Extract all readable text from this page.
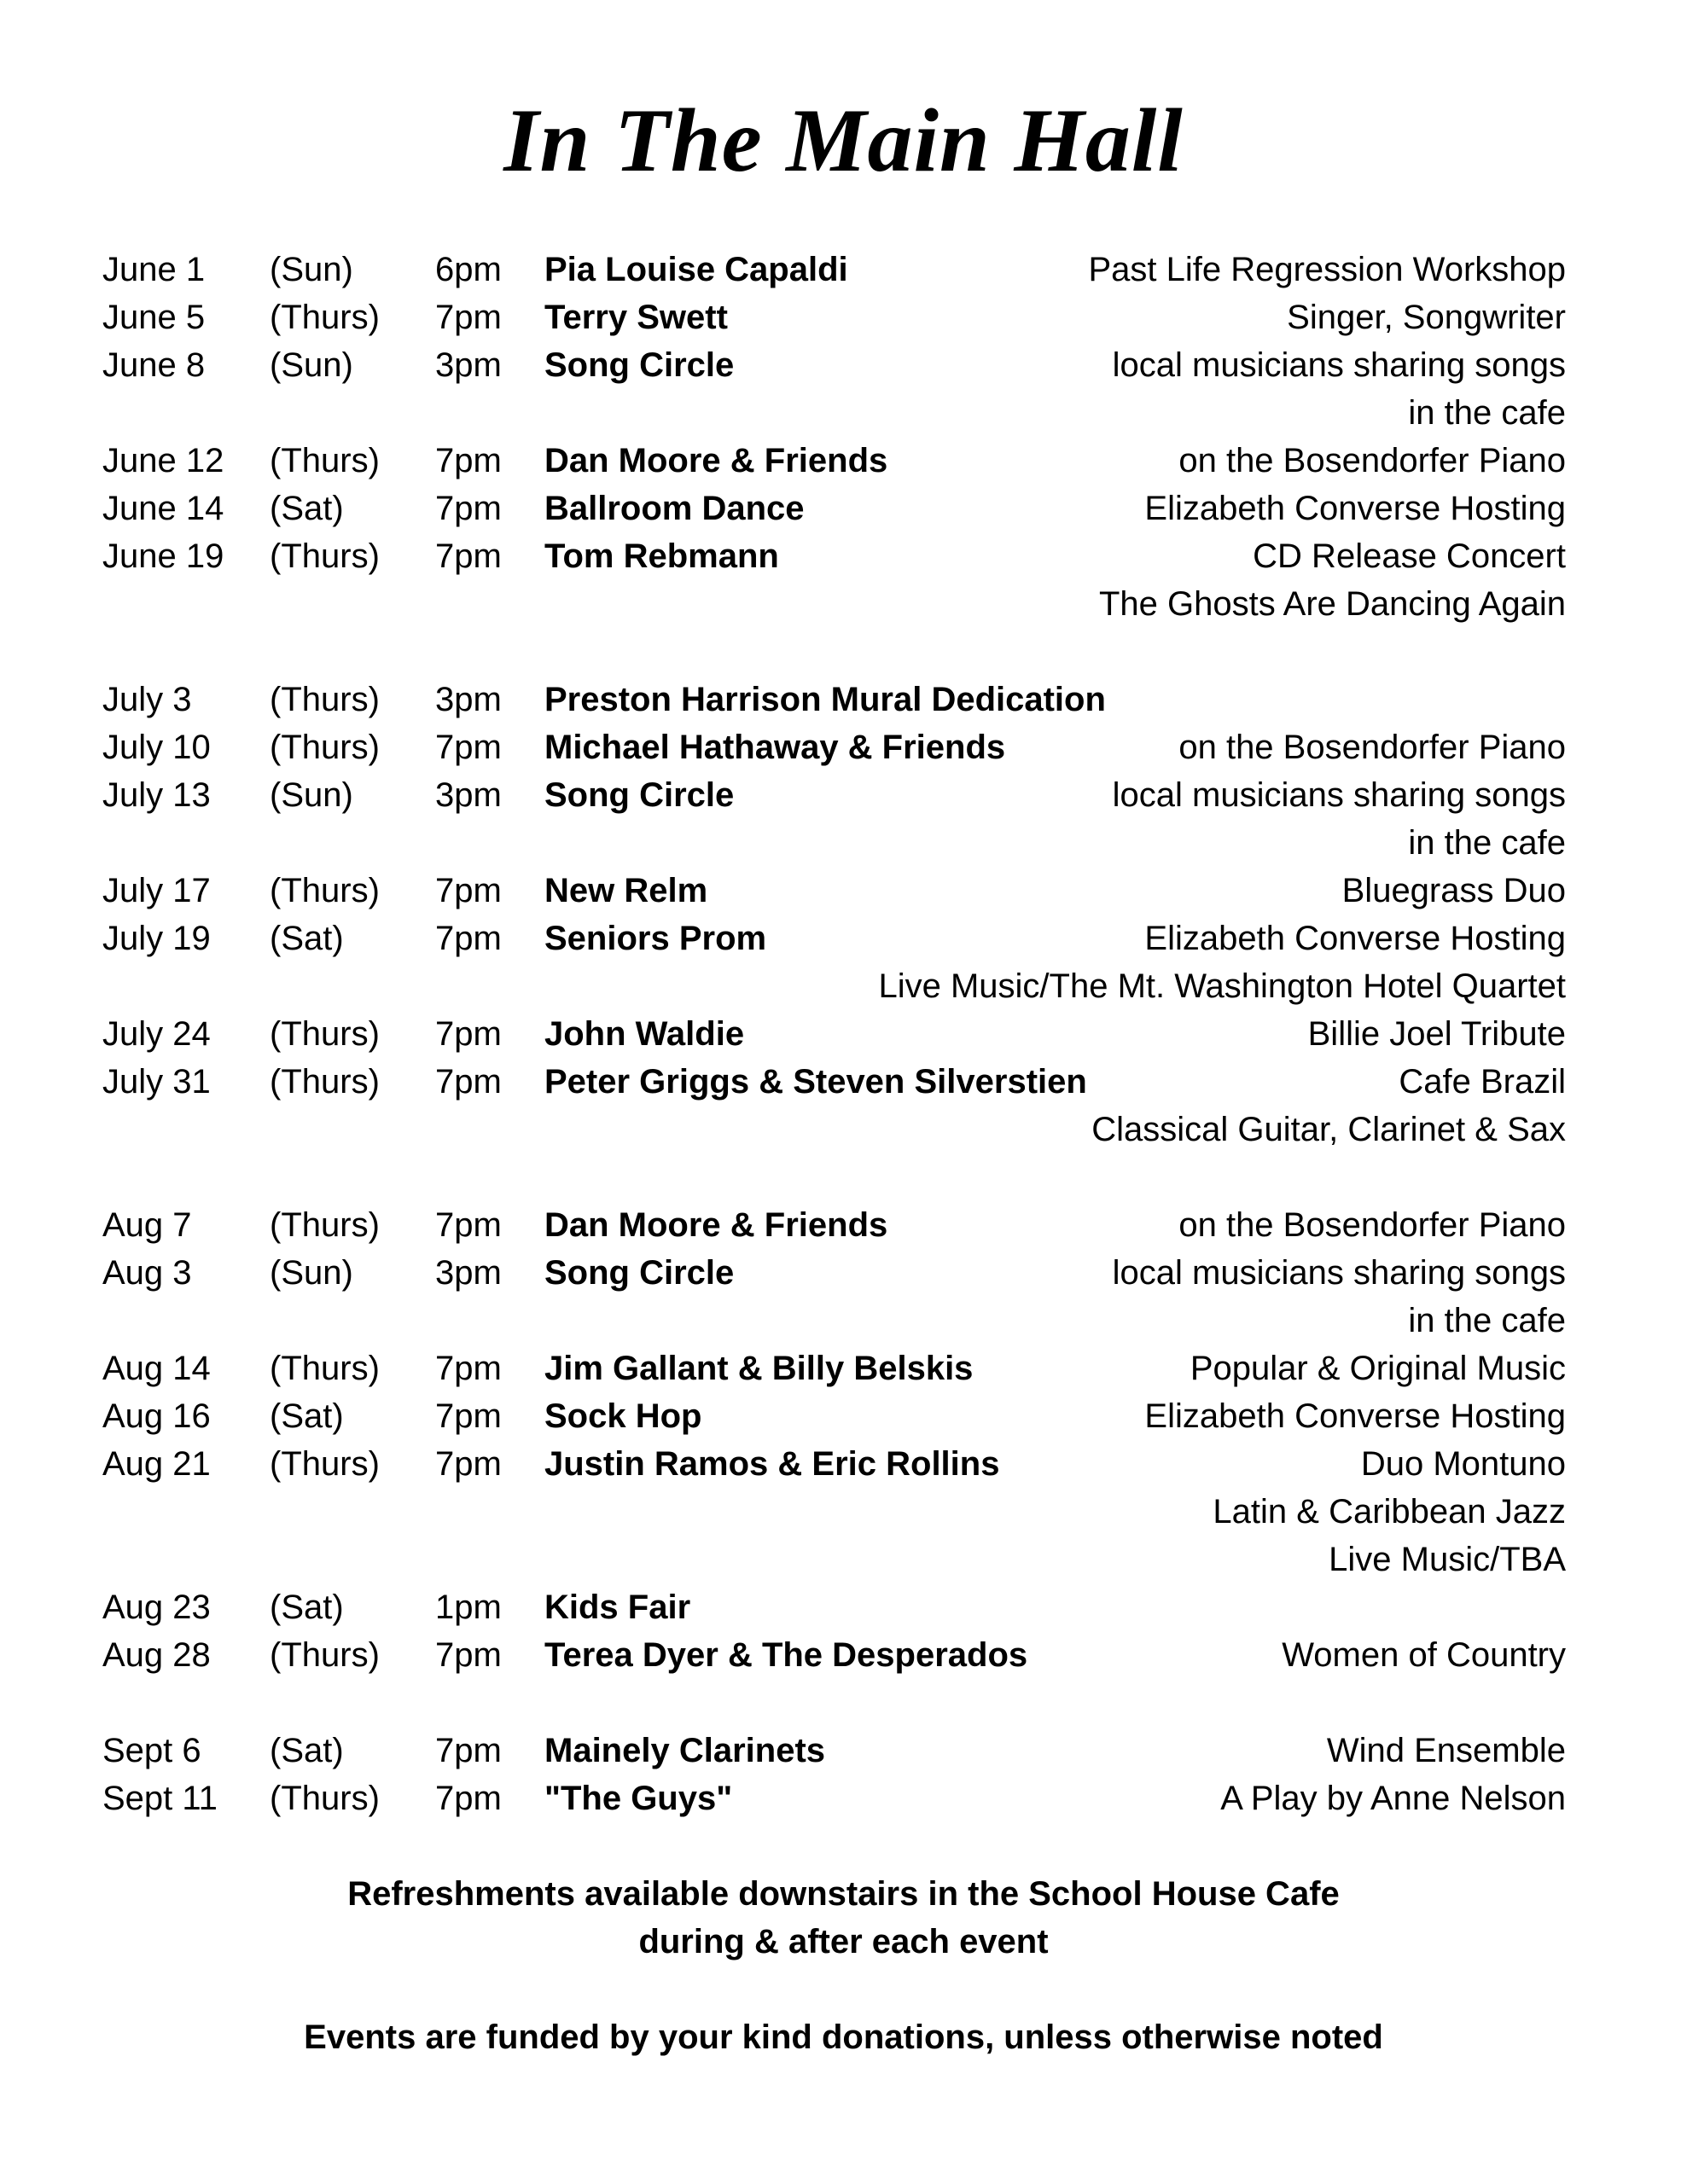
In The Main Hall
June 1	(Sun)	6pm	Pia Louise Capaldi	Past Life Regression Workshop
June 5	(Thurs)	7pm	Terry Swett	Singer, Songwriter
June 8	(Sun)	3pm	Song Circle	local musicians sharing songs
in the cafe
June 12	(Thurs)	7pm	Dan Moore & Friends	on the Bosendorfer Piano
June 14	(Sat)	7pm	Ballroom Dance	Elizabeth Converse Hosting
June 19	(Thurs)	7pm	Tom Rebmann	CD Release Concert
The Ghosts Are Dancing Again
July 3	(Thurs)	3pm	Preston Harrison Mural Dedication
July 10	(Thurs)	7pm	Michael Hathaway & Friends	on the Bosendorfer Piano
July 13	(Sun)	3pm	Song Circle	local musicians sharing songs
in the cafe
July 17	(Thurs)	7pm	New Relm	Bluegrass Duo
July 19	(Sat)	7pm	Seniors Prom	Elizabeth Converse Hosting
Live Music/The Mt. Washington Hotel Quartet
July 24	(Thurs)	7pm	John Waldie	Billie Joel Tribute
July 31	(Thurs)	7pm	Peter Griggs & Steven Silverstien	Cafe Brazil
Classical Guitar, Clarinet & Sax
Aug 7	(Thurs)	7pm	Dan Moore & Friends	on the Bosendorfer Piano
Aug 3	(Sun)	3pm	Song Circle	local musicians sharing songs
in the cafe
Aug 14	(Thurs)	7pm	Jim Gallant & Billy Belskis	Popular & Original Music
Aug 16	(Sat)	7pm	Sock Hop	Elizabeth Converse Hosting
Aug 21	(Thurs)	7pm	Justin Ramos & Eric Rollins	Duo Montuno
Latin & Caribbean Jazz
Live Music/TBA
Aug 23	(Sat)	1pm	Kids Fair
Aug 28	(Thurs)	7pm	Terea Dyer & The Desperados	Women of Country
Sept 6	(Sat)	7pm	Mainely Clarinets	Wind Ensemble
Sept 11	(Thurs)	7pm	"The Guys"	A Play by Anne Nelson
Refreshments available downstairs in the School House Cafe
during & after each event
Events are funded by your kind donations, unless otherwise noted
